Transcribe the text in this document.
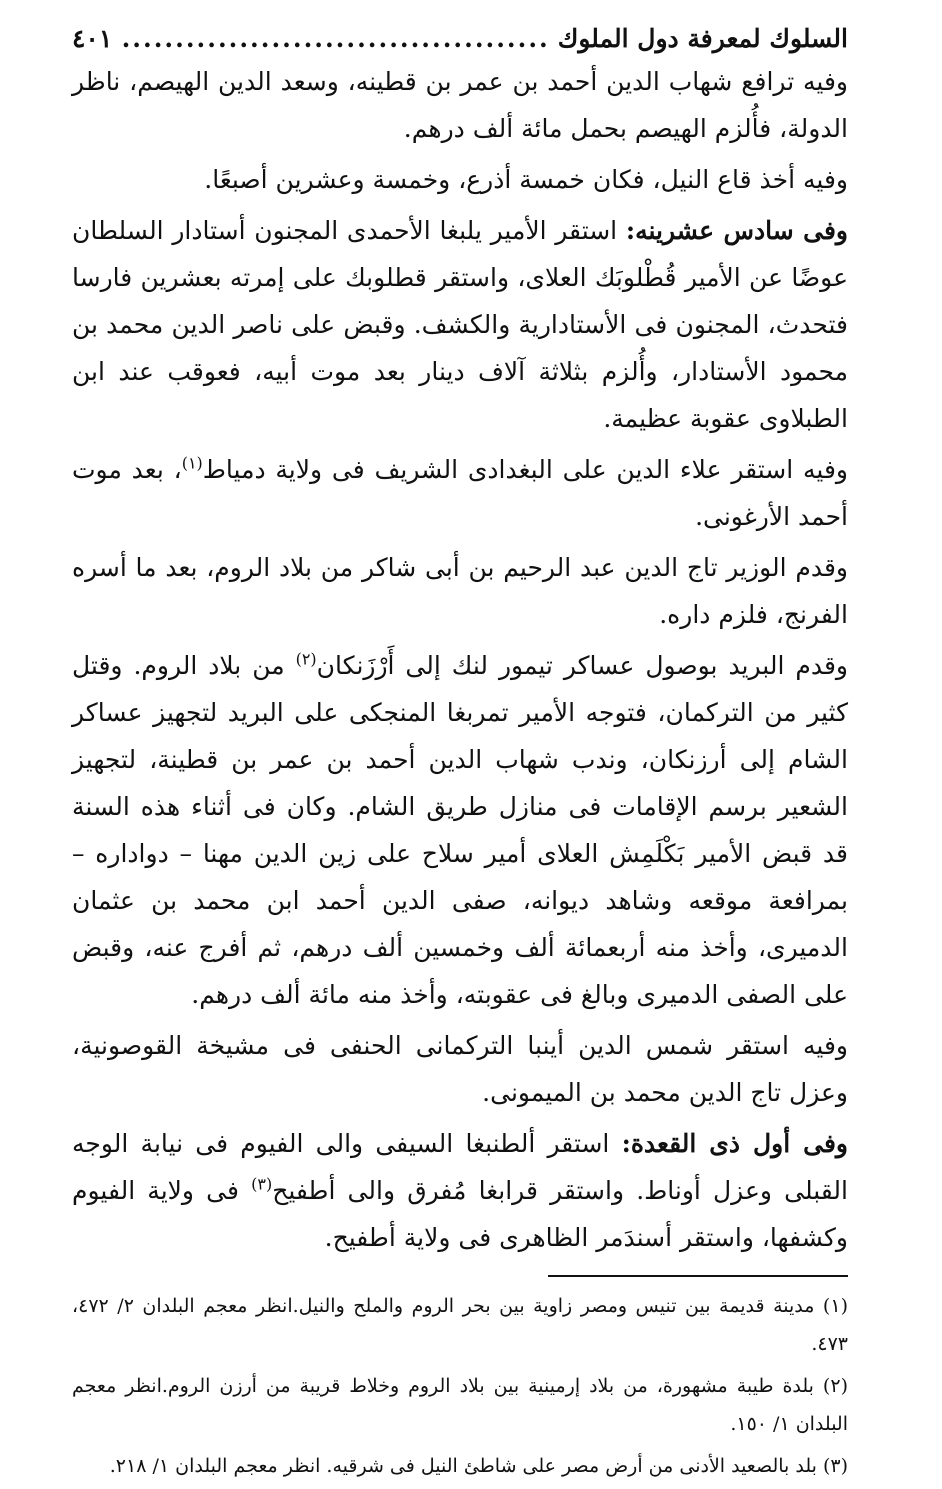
السلوك لمعرفة دول الملوك
.....
٤٠١

وفيه ترافع شهاب الدين أحمد بن عمر بن قطينه، وسعد الدين الهيصم، ناظر الدولة، فأُلزم الهيصم بحمل مائة ألف درهم.

وفيه أخذ قاع النيل، فكان خمسة أذرع، وخمسة وعشرين أصبعًا.

وفى سادس عشرينه: استقر الأمير يلبغا الأحمدى المجنون أستادار السلطان عوضًا عن الأمير قُطْلوبَك العلاى، واستقر قطلوبك على إمرته بعشرين فارسا فتحدث، المجنون فى الأستادارية والكشف. وقبض على ناصر الدين محمد بن محمود الأستادار، وأُلزم بثلاثة آلاف دينار بعد موت أبيه، فعوقب عند ابن الطبلاوى عقوبة عظيمة.

وفيه استقر علاء الدين على البغدادى الشريف فى ولاية دمياط$^{(١)}$، بعد موت أحمد الأرغونى.

وقدم الوزير تاج الدين عبد الرحيم بن أبى شاكر من بلاد الروم، بعد ما أسره الفرنج، فلزم داره.

وقدم البريد بوصول عساكر تيمور لنك إلى أَرْزَنكان$^{(٢)}$ من بلاد الروم. وقتل كثير من التركمان، فتوجه الأمير تمربغا المنجكى على البريد لتجهيز عساكر الشام إلى أرزنكان، وندب شهاب الدين أحمد بن عمر بن قطينة، لتجهيز الشعير برسم الإقامات فى منازل طريق الشام. وكان فى أثناء هذه السنة قد قبض الأمير بَكْلَمِش العلاى أمير سلاح على زين الدين مهنا – دواداره – بمرافعة موقعه وشاهد ديوانه، صفى الدين أحمد ابن محمد بن عثمان الدميرى، وأخذ منه أربعمائة ألف وخمسين ألف درهم، ثم أفرج عنه، وقبض على الصفى الدميرى وبالغ فى عقوبته، وأخذ منه مائة ألف درهم.

وفيه استقر شمس الدين أينبا التركمانى الحنفى فى مشيخة القوصونية، وعزل تاج الدين محمد بن الميمونى.

وفى أول ذى القعدة: استقر ألطنبغا السيفى والى الفيوم فى نيابة الوجه القبلى وعزل أوناط. واستقر قرابغا مُفرق والى أطفيح$^{(٣)}$ فى ولاية الفيوم وكشفها، واستقر أسندَمر الظاهرى فى ولاية أطفيح.

(١) مدينة قديمة بين تنيس ومصر زاوية بين بحر الروم والملح والنيل.انظر معجم البلدان ٢/ ٤٧٢، ٤٧٣.

(٢) بلدة طيبة مشهورة، من بلاد إرمينية بين بلاد الروم وخلاط قريبة من أرزن الروم.انظر معجم البلدان ١/ ١٥٠.

(٣) بلد بالصعيد الأدنى من أرض مصر على شاطئ النيل فى شرقيه. انظر معجم البلدان ١/ ٢١٨.
